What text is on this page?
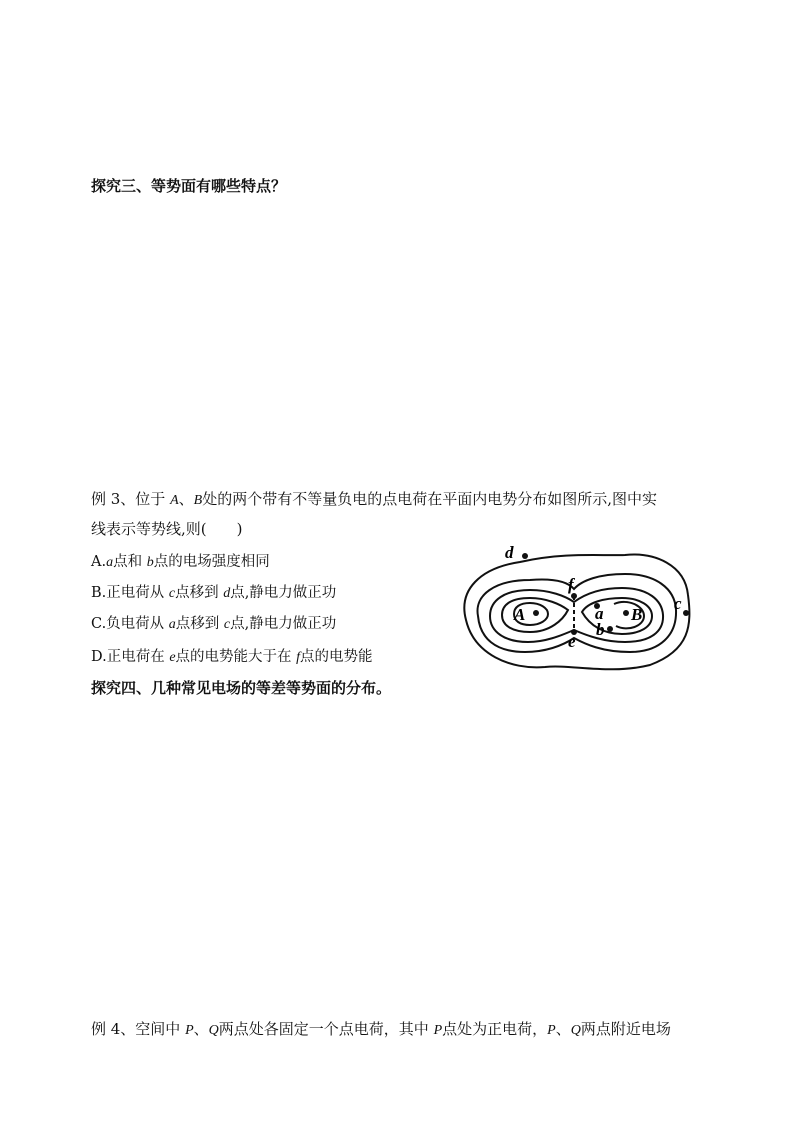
探究三、等势面有哪些特点？
例 3、位于 A、B处的两个带有不等量负电的点电荷在平面内电势分布如图所示,图中实
线表示等势线,则(　　)
A.a点和 b点的电场强度相同
B.正电荷从 c点移到 d点,静电力做正功
C.负电荷从 a点移到 c点,静电力做正功
D.正电荷在 e点的电势能大于在 f点的电势能
d
f
A	a B
c
b
e
探究四、几种常见电场的等差等势面的分布。
例 4、空间中 P、Q两点处各固定一个点电荷，其中 P点处为正电荷，P、Q两点附近电场
